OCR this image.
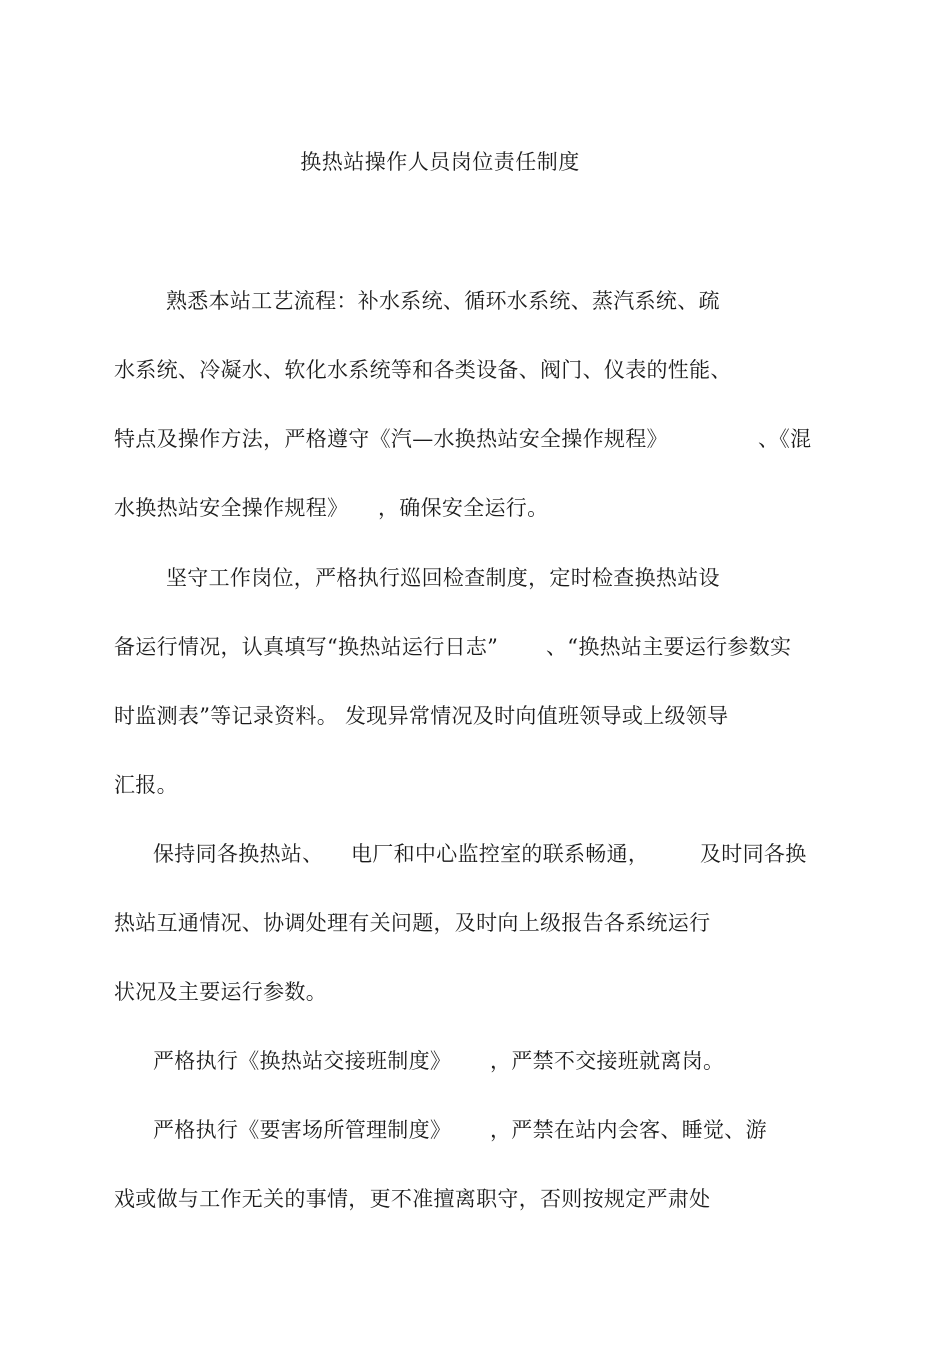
换热站操作人员岗位责任制度
熟悉本站工艺流程：补水系统、循环水系统、蒸汽系统、疏
水系统、冷凝水、软化水系统等和各类设备、阀门、仪表的性能、
特点及操作方法，严格遵守《汽—水换热站安全操作规程》	、《混
水换热站安全操作规程》 ，确保安全运行。
坚守工作岗位，严格执行巡回检查制度，定时检查换热站设
备运行情况，认真填写“换热站运行日志” 、“换热站主要运行参数实
时监测表”等记录资料。 发现异常情况及时向值班领导或上级领导
汇报。
保持同各换热站、 电厂和中心监控室的联系畅通， 及时同各换
热站互通情况、协调处理有关问题，及时向上级报告各系统运行
状况及主要运行参数。
严格执行《换热站交接班制度》 ，严禁不交接班就离岗。
严格执行《要害场所管理制度》 ，严禁在站内会客、睡觉、游
戏或做与工作无关的事情，更不准擅离职守，否则按规定严肃处
